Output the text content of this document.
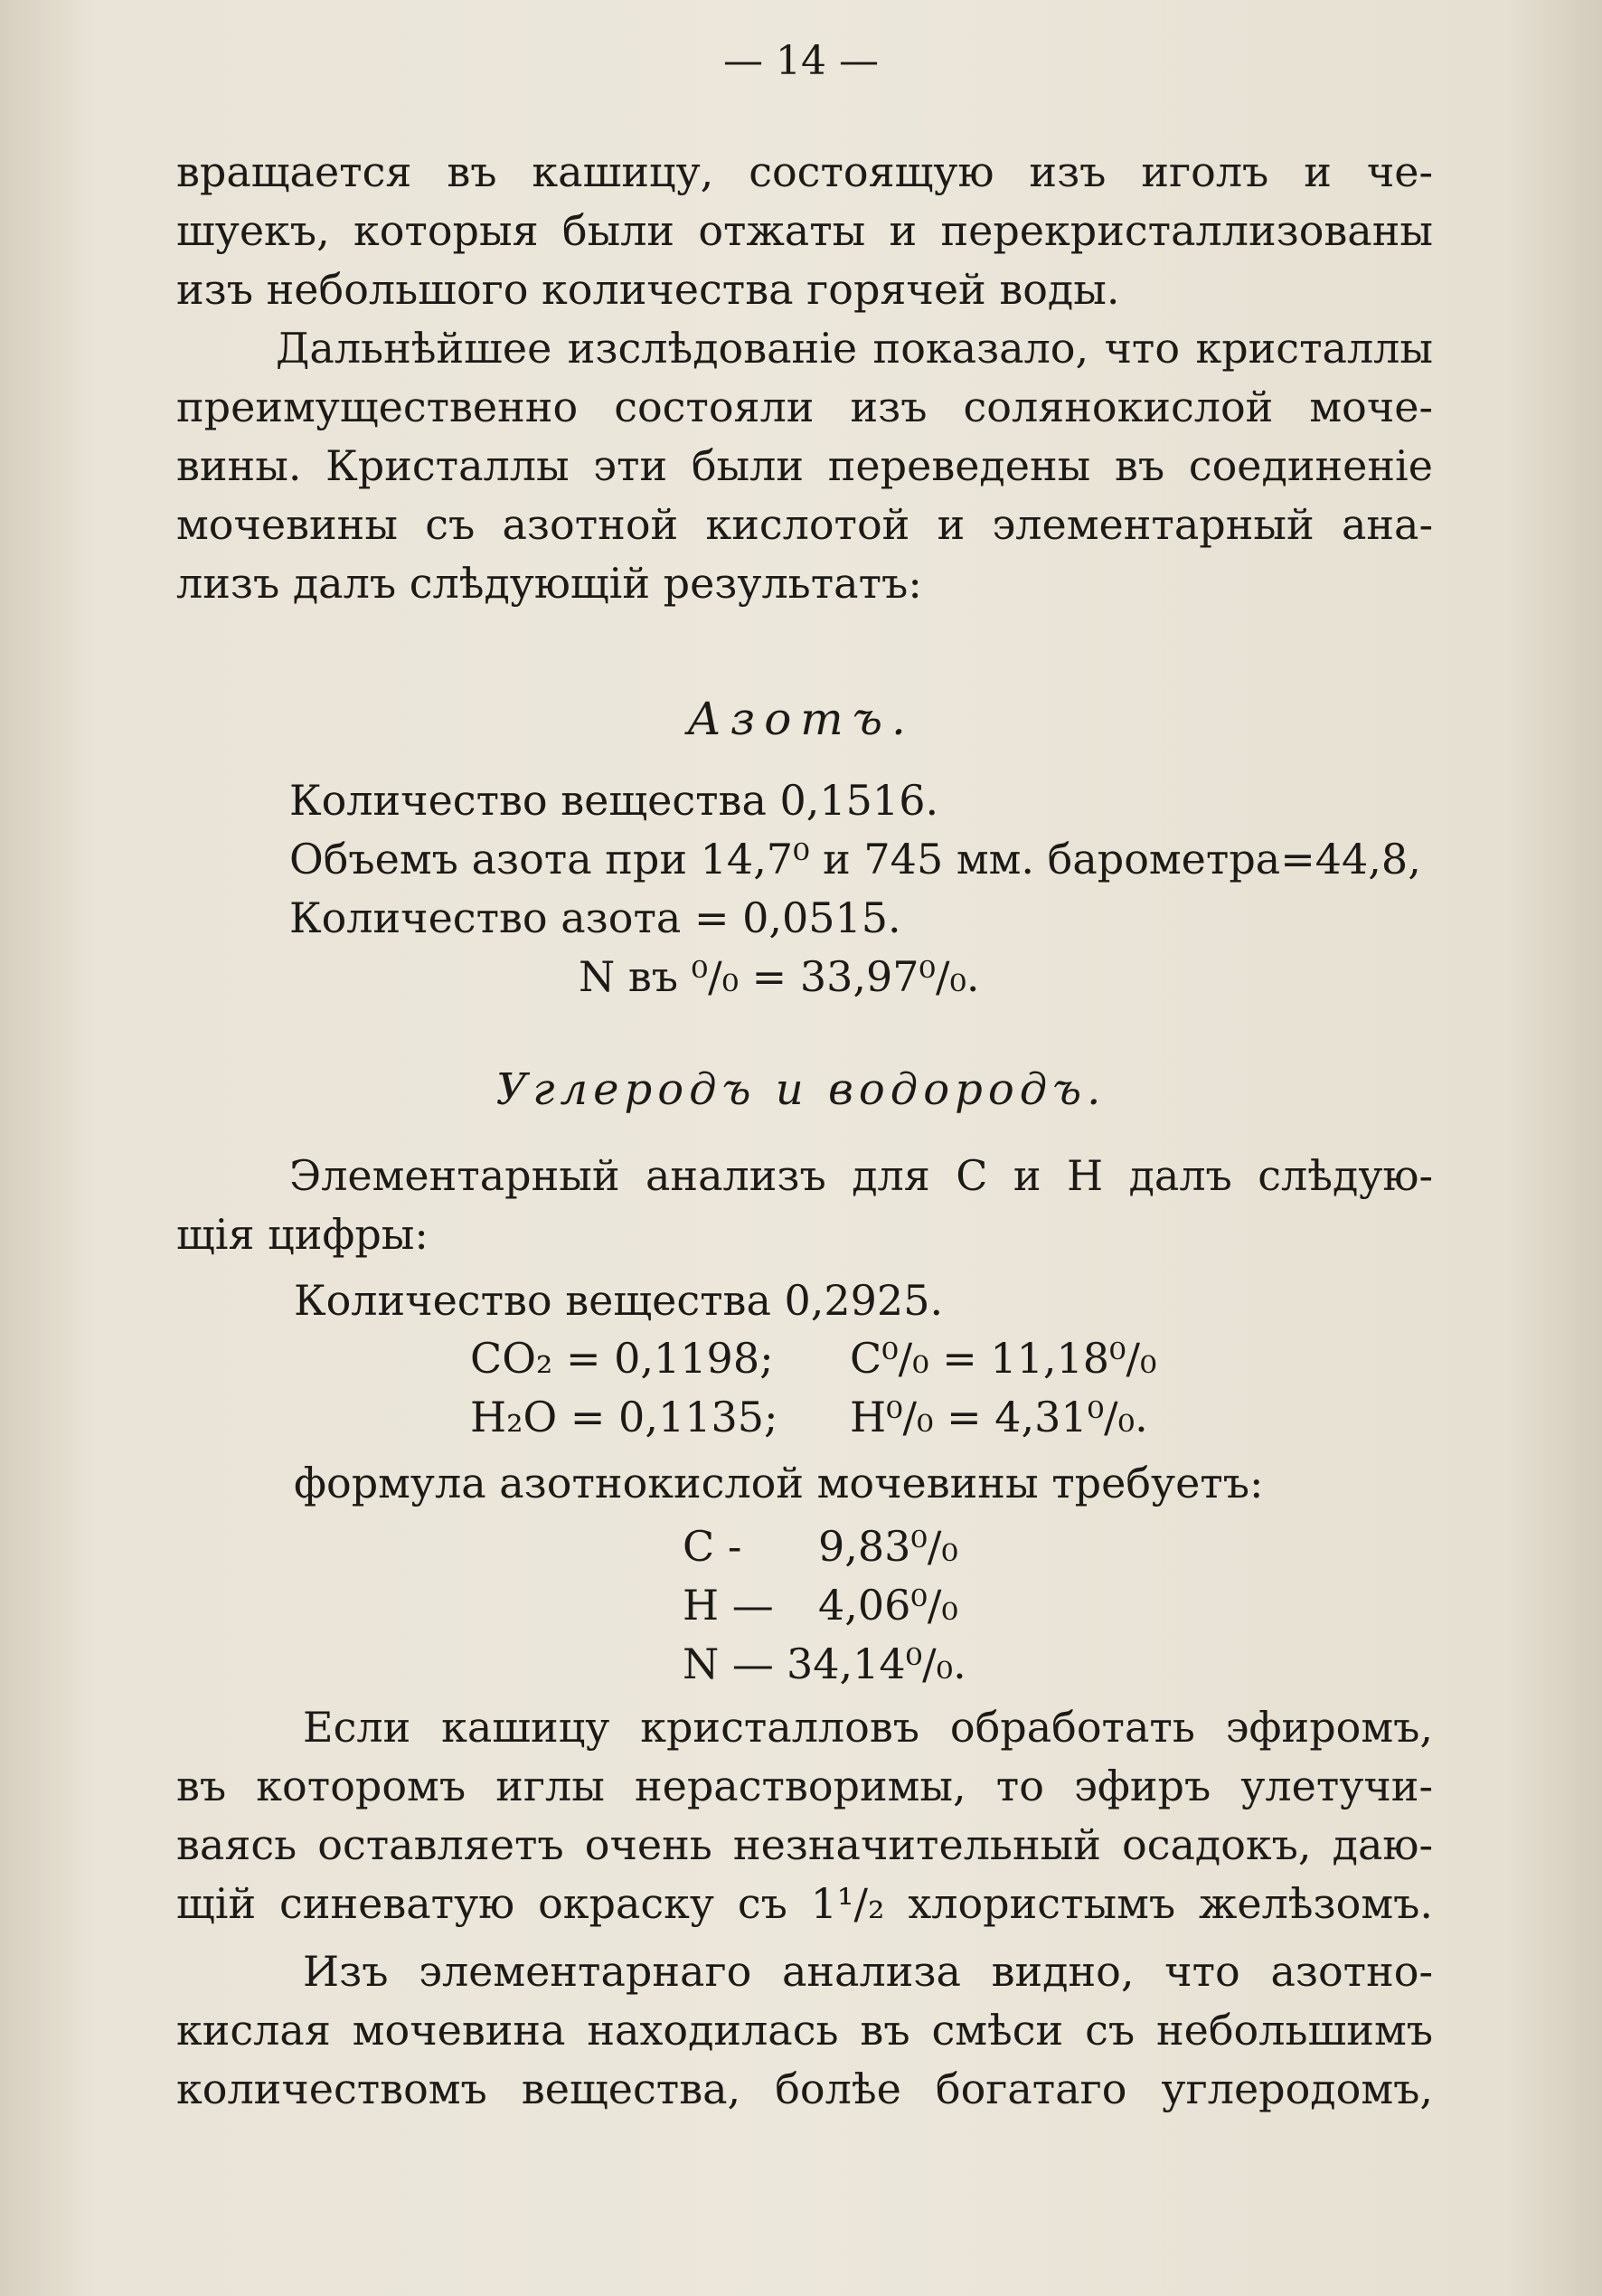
— 14 —
вращается въ кашицу, состоящую изъ иголъ и че-
шуекъ, которыя были отжаты и перекристаллизованы
изъ небольшого количества горячей воды.
Дальнѣйшее изслѣдованіе показало, что кристаллы
преимущественно состояли изъ солянокислой моче-
вины. Кристаллы эти были переведены въ соединеніе
мочевины съ азотной кислотой и элементарный ана-
лизъ далъ слѣдующій результатъ:
Азотъ.
Количество вещества 0,1516.
Объемъ азота при 14,7⁰ и 745 мм. барометра=44,8,
Количество азота = 0,0515.
N въ ⁰/₀ = 33,97⁰/₀.
Углеродъ и водородъ.
Элементарный анализъ для C и H далъ слѣдую-
щія цифры:
Количество вещества 0,2925.
CO₂ = 0,1198; C⁰/₀ = 11,18⁰/₀
H₂O = 0,1135; H⁰/₀ = 4,31⁰/₀.
формула азотнокислой мочевины требуетъ:
C - 9,83⁰/₀
H — 4,06⁰/₀
N — 34,14⁰/₀.
Если кашицу кристалловъ обработать эфиромъ,
въ которомъ иглы нерастворимы, то эфиръ улетучи-
ваясь оставляетъ очень незначительный осадокъ, даю-
щій синеватую окраску съ 1¹/₂ хлористымъ желѣзомъ.
Изъ элементарнаго анализа видно, что азотно-
кислая мочевина находилась въ смѣси съ небольшимъ
количествомъ вещества, болѣе богатаго углеродомъ,
